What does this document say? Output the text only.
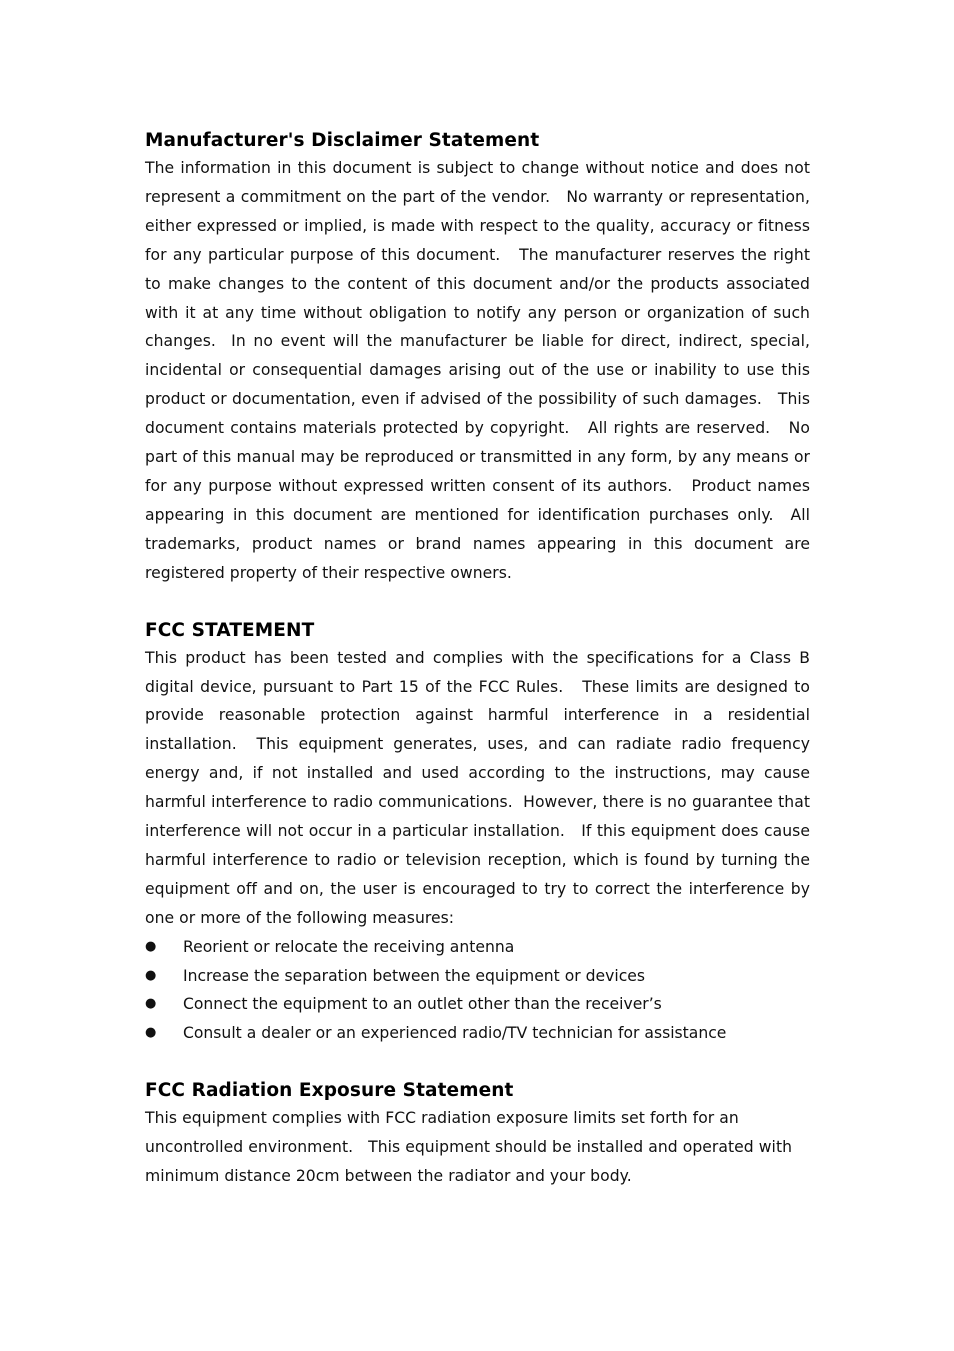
Manufacturer's Disclaimer Statement

The information in this document is subject to change without notice and does not represent a commitment on the part of the vendor.   No warranty or representation, either expressed or implied, is made with respect to the quality, accuracy or fitness for any particular purpose of this document.   The manufacturer reserves the right to make changes to the content of this document and/or the products associated with it at any time without obligation to notify any person or organization of such changes.  In no event will the manufacturer be liable for direct, indirect, special, incidental or consequential damages arising out of the use or inability to use this product or documentation, even if advised of the possibility of such damages.   This document contains materials protected by copyright.   All rights are reserved.   No part of this manual may be reproduced or transmitted in any form, by any means or for any purpose without expressed written consent of its authors.   Product names appearing in this document are mentioned for identification purchases only.  All trademarks, product names or brand names appearing in this document are registered property of their respective owners.

FCC STATEMENT

This product has been tested and complies with the specifications for a Class B digital device, pursuant to Part 15 of the FCC Rules.   These limits are designed to provide reasonable protection against harmful interference in a residential installation.  This equipment generates, uses, and can radiate radio frequency energy and, if not installed and used according to the instructions, may cause harmful interference to radio communications.  However, there is no guarantee that interference will not occur in a particular installation.   If this equipment does cause harmful interference to radio or television reception, which is found by turning the equipment off and on, the user is encouraged to try to correct the interference by one or more of the following measures:

● Reorient or relocate the receiving antenna
● Increase the separation between the equipment or devices
● Connect the equipment to an outlet other than the receiver’s
● Consult a dealer or an experienced radio/TV technician for assistance
FCC Radiation Exposure Statement

This equipment complies with FCC radiation exposure limits set forth for an uncontrolled environment.   This equipment should be installed and operated with minimum distance 20cm between the radiator and your body.
